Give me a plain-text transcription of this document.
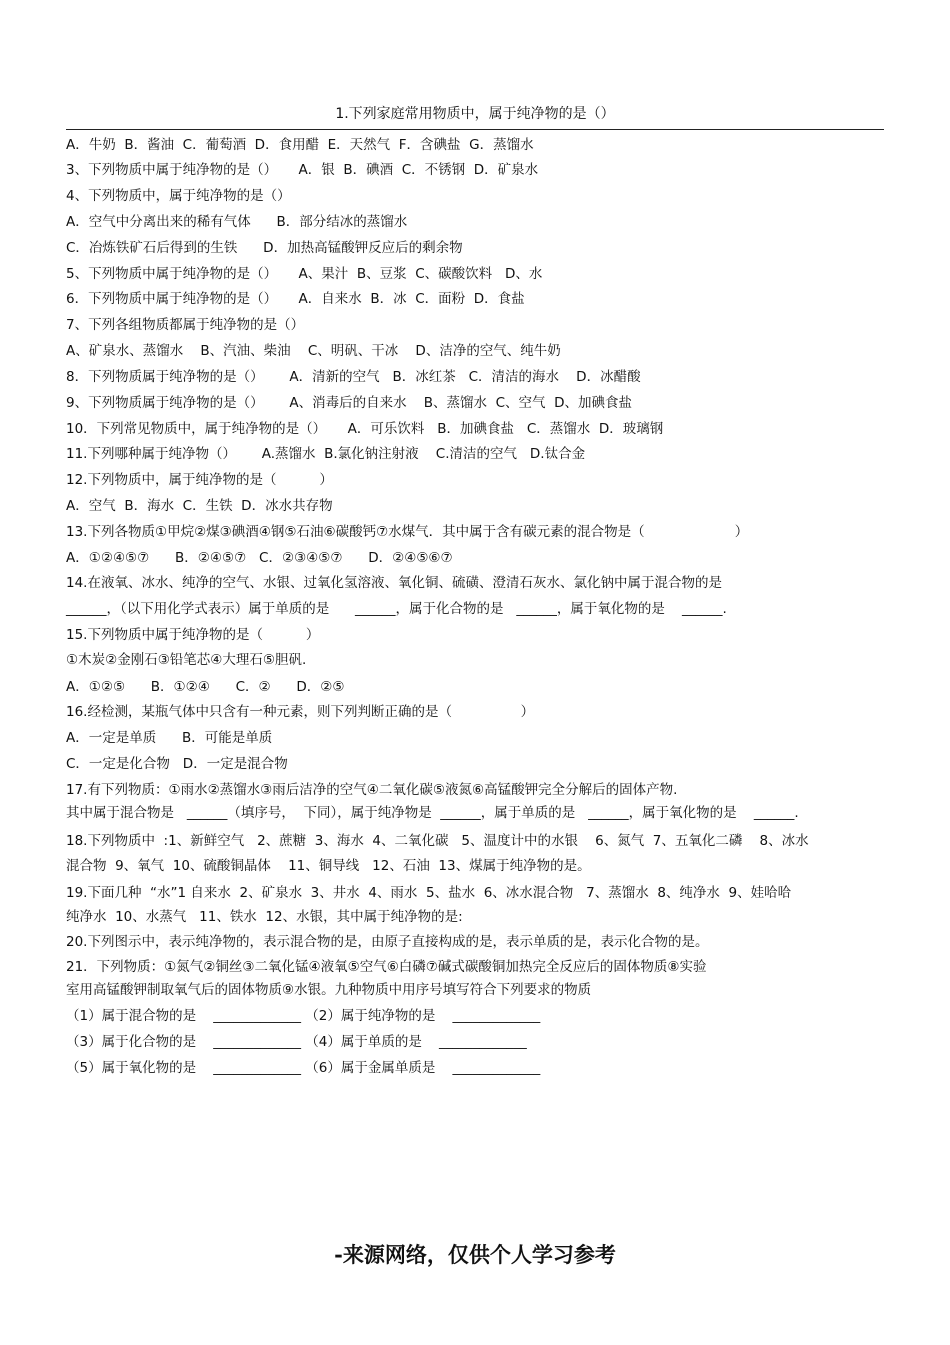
1.下列家庭常用物质中，属于纯净物的是（）
A．牛奶  B．酱油  C．葡萄酒  D．食用醋  E．天然气  F．含碘盐  G．蒸馏水
3、下列物质中属于纯净物的是（）     A．银  B．碘酒  C．不锈钢  D．矿泉水
4、下列物质中，属于纯净物的是（）
A．空气中分离出来的稀有气体      B．部分结冰的蒸馏水
C．冶炼铁矿石后得到的生铁      D．加热高锰酸钾反应后的剩余物
5、下列物质中属于纯净物的是（）     A、果汁  B、豆浆  C、碳酸饮料   D、水
6．下列物质中属于纯净物的是（）     A．自来水  B．冰  C．面粉  D．食盐
7、下列各组物质都属于纯净物的是（）
A、矿泉水、蒸馏水    B、汽油、柴油    C、明矾、干冰    D、洁净的空气、纯牛奶
8．下列物质属于纯净物的是（）      A．清新的空气   B．冰红茶   C．清洁的海水    D．冰醋酸
9、下列物质属于纯净物的是（）      A、消毒后的自来水    B、蒸馏水  C、空气  D、加碘食盐
10．下列常见物质中，属于纯净物的是（）     A．可乐饮料   B．加碘食盐   C．蒸馏水  D．玻璃钢
11.下列哪种属于纯净物（）      A.蒸馏水  B.氯化钠注射液    C.清洁的空气   D.钛合金
12.下列物质中，属于纯净物的是（          ）
A．空气  B．海水  C．生铁  D．冰水共存物
13.下列各物质①甲烷②煤③碘酒④钢⑤石油⑥碳酸钙⑦水煤气．其中属于含有碳元素的混合物是（                     ）
A．①②④⑤⑦      B．②④⑤⑦   C．②③④⑤⑦      D．②④⑤⑥⑦
14.在液氧、冰水、纯净的空气、水银、过氧化氢溶液、氧化铜、硫磺、澄清石灰水、氯化钠中属于混合物的是
______，（以下用化学式表示）属于单质的是      ______，属于化合物的是   ______，属于氧化物的是    ______.
15.下列物质中属于纯净物的是（          ）
①木炭②金刚石③铅笔芯④大理石⑤胆矾.
A．①②⑤      B．①②④      C．②      D．②⑤
16.经检测，某瓶气体中只含有一种元素，则下列判断正确的是（                ）
A．一定是单质      B．可能是单质
C．一定是化合物   D．一定是混合物
17.有下列物质：①雨水②蒸馏水③雨后洁净的空气④二氧化碳⑤液氮⑥高锰酸钾完全分解后的固体产物.
其中属于混合物是   ______（填序号，  下同），属于纯净物是  ______，属于单质的是   ______，属于氧化物的是    ______.
18.下列物质中  :1、新鲜空气   2、蔗糖  3、海水  4、二氧化碳   5、温度计中的水银    6、氮气  7、五氧化二磷    8、冰水
混合物  9、氧气  10、硫酸铜晶体    11、铜导线   12、石油  13、煤属于纯净物的是。
19.下面几种  “水”1 自来水  2、矿泉水  3、井水  4、雨水  5、盐水  6、冰水混合物   7、蒸馏水  8、纯净水  9、娃哈哈
纯净水  10、水蒸气   11、铁水  12、水银，其中属于纯净物的是:
20.下列图示中，表示纯净物的，表示混合物的是，由原子直接构成的是，表示单质的是，表示化合物的是。
21．下列物质：①氮气②铜丝③二氧化锰④液氧⑤空气⑥白磷⑦碱式碳酸铜加热完全反应后的固体物质⑧实验
室用高锰酸钾制取氧气后的固体物质⑨水银。九种物质中用序号填写符合下列要求的物质
（1）属于混合物的是    _____________ （2）属于纯净物的是    _____________
（3）属于化合物的是    _____________ （4）属于单质的是    _____________
（5）属于氧化物的是    _____________ （6）属于金属单质是    _____________
-来源网络，仅供个人学习参考
